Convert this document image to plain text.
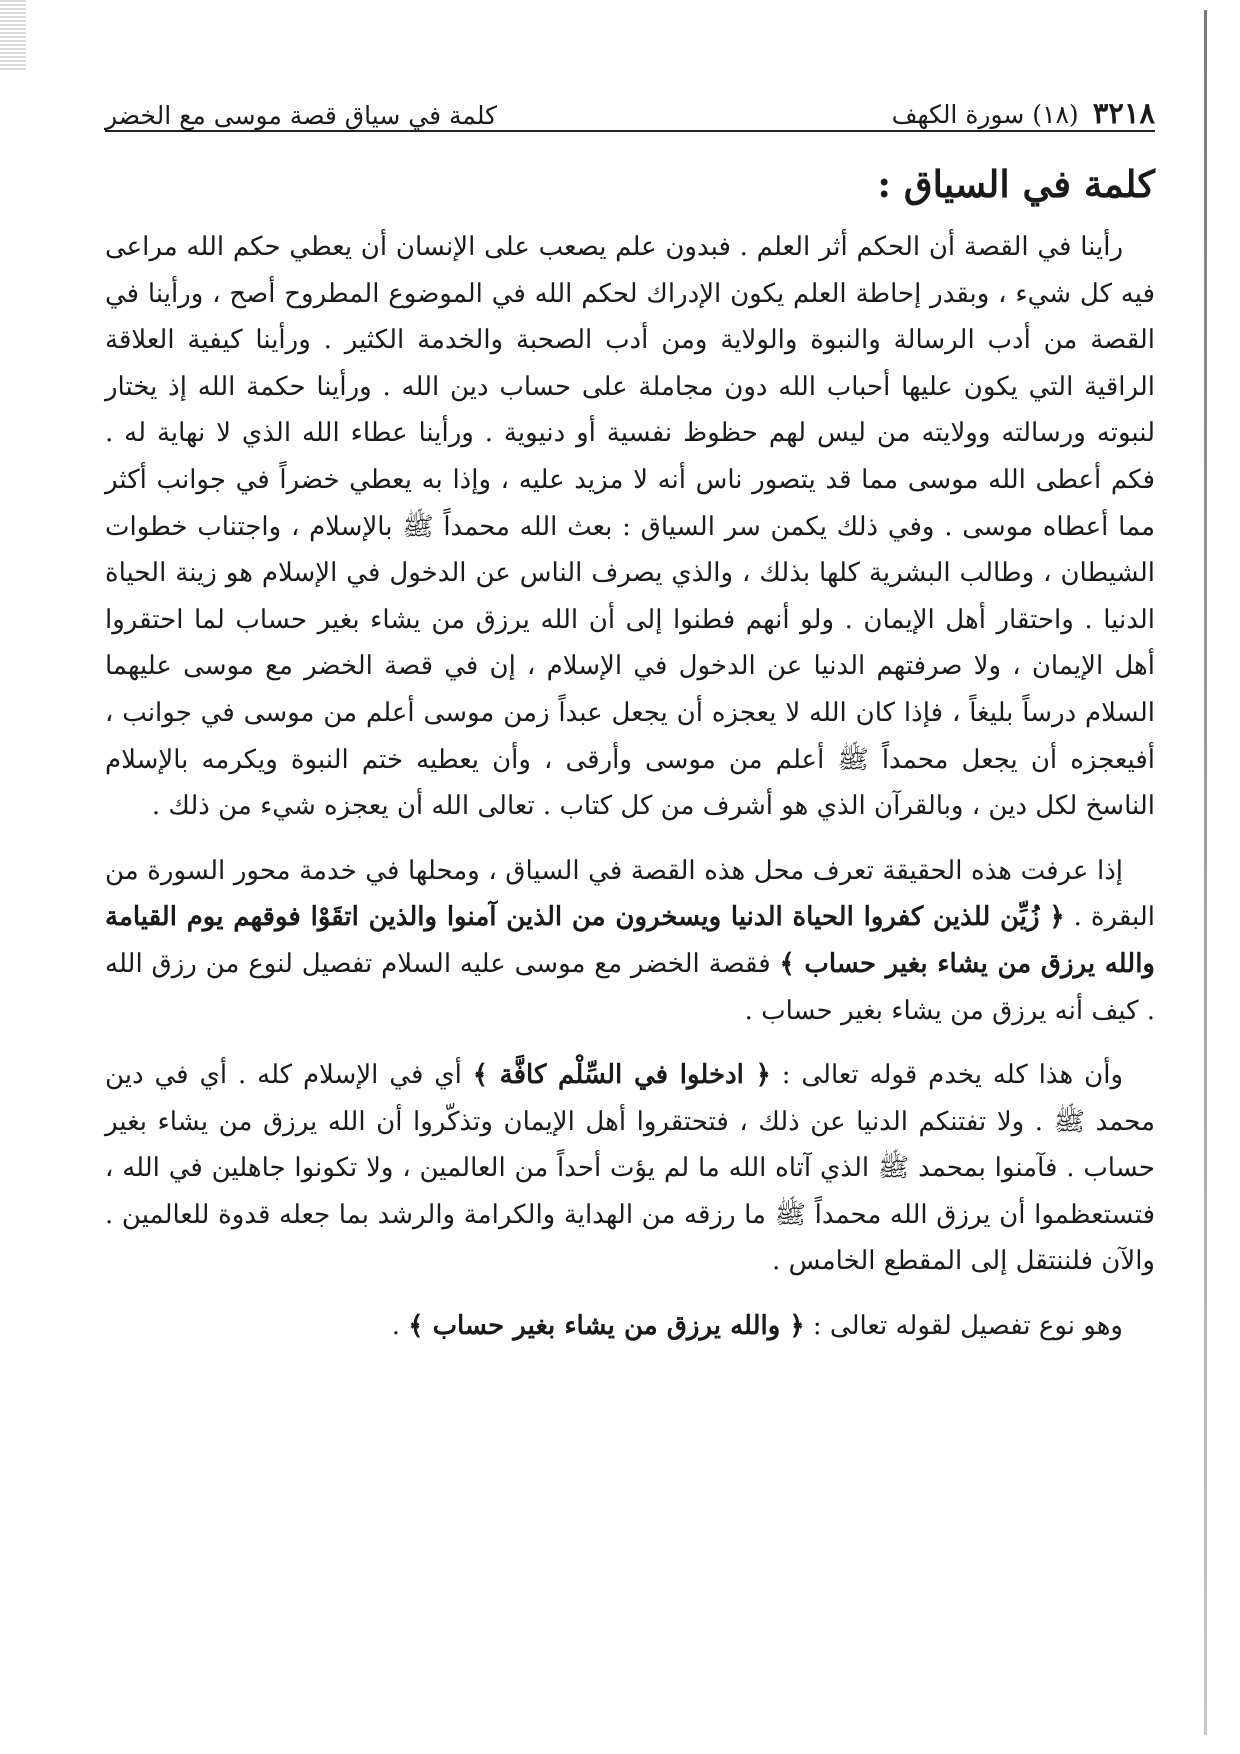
٣٢١٨
(١٨) سورة الكهف
كلمة في سياق قصة موسى مع الخضر
كلمة في السياق :

رأينا في القصة أن الحكم أثر العلم . فبدون علم يصعب على الإنسان أن يعطي حكم الله مراعى فيه كل شيء ، وبقدر إحاطة العلم يكون الإدراك لحكم الله في الموضوع المطروح أصح ، ورأينا في القصة من أدب الرسالة والنبوة والولاية ومن أدب الصحبة والخدمة الكثير . ورأينا كيفية العلاقة الراقية التي يكون عليها أحباب الله دون مجاملة على حساب دين الله . ورأينا حكمة الله إذ يختار لنبوته ورسالته وولايته من ليس لهم حظوظ نفسية أو دنيوية . ورأينا عطاء الله الذي لا نهاية له . فكم أعطى الله موسى مما قد يتصور ناس أنه لا مزيد عليه ، وإذا به يعطي خضراً في جوانب أكثر مما أعطاه موسى . وفي ذلك يكمن سر السياق : بعث الله محمداً ﷺ بالإسلام ، واجتناب خطوات الشيطان ، وطالب البشرية كلها بذلك ، والذي يصرف الناس عن الدخول في الإسلام هو زينة الحياة الدنيا . واحتقار أهل الإيمان . ولو أنهم فطنوا إلى أن الله يرزق من يشاء بغير حساب لما احتقروا أهل الإيمان ، ولا صرفتهم الدنيا عن الدخول في الإسلام ، إن في قصة الخضر مع موسى عليهما السلام درساً بليغاً ، فإذا كان الله لا يعجزه أن يجعل عبداً زمن موسى أعلم من موسى في جوانب ، أفيعجزه أن يجعل محمداً ﷺ أعلم من موسى وأرقى ، وأن يعطيه ختم النبوة ويكرمه بالإسلام الناسخ لكل دين ، وبالقرآن الذي هو أشرف من كل كتاب . تعالى الله أن يعجزه شيء من ذلك .

إذا عرفت هذه الحقيقة تعرف محل هذه القصة في السياق ، ومحلها في خدمة محور السورة من البقرة . ﴿ زُيِّن للذين كفروا الحياة الدنيا ويسخرون من الذين آمنوا والذين اتقَوْا فوقهم يوم القيامة والله يرزق من يشاء بغير حساب ﴾ فقصة الخضر مع موسى عليه السلام تفصيل لنوع من رزق الله . كيف أنه يرزق من يشاء بغير حساب .

وأن هذا كله يخدم قوله تعالى : ﴿ ادخلوا في السِّلْم كافَّة ﴾ أي في الإسلام كله . أي في دين محمد ﷺ . ولا تفتنكم الدنيا عن ذلك ، فتحتقروا أهل الإيمان وتذكّروا أن الله يرزق من يشاء بغير حساب . فآمنوا بمحمد ﷺ الذي آتاه الله ما لم يؤت أحداً من العالمين ، ولا تكونوا جاهلين في الله ، فتستعظموا أن يرزق الله محمداً ﷺ ما رزقه من الهداية والكرامة والرشد بما جعله قدوة للعالمين . والآن فلننتقل إلى المقطع الخامس .

وهو نوع تفصيل لقوله تعالى : ﴿ والله يرزق من يشاء بغير حساب ﴾ .
